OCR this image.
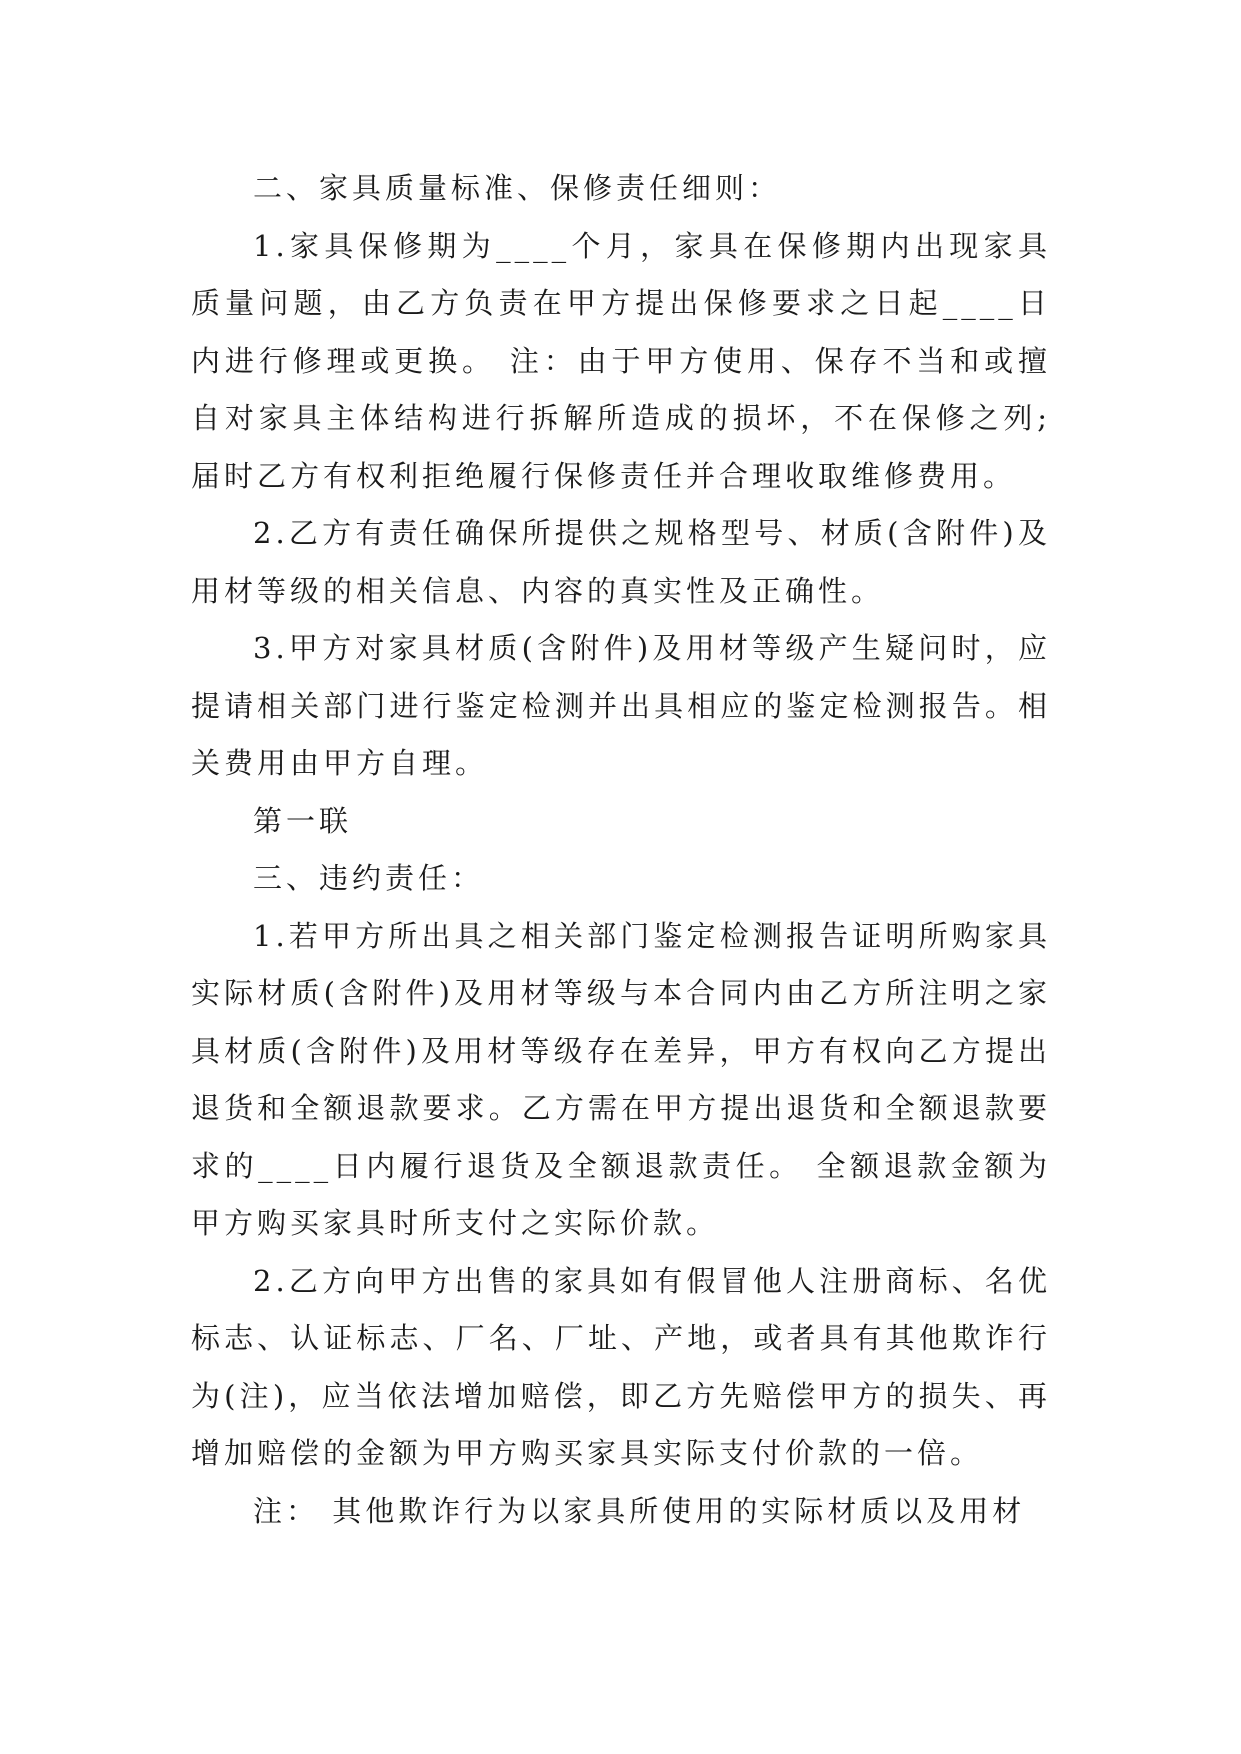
二、家具质量标准、保修责任细则：

1.家具保修期为____个月，家具在保修期内出现家具质量问题，由乙方负责在甲方提出保修要求之日起____日内进行修理或更换。 注：由于甲方使用、保存不当和或擅自对家具主体结构进行拆解所造成的损坏，不在保修之列;届时乙方有权利拒绝履行保修责任并合理收取维修费用。

2.乙方有责任确保所提供之规格型号、材质(含附件)及用材等级的相关信息、内容的真实性及正确性。

3.甲方对家具材质(含附件)及用材等级产生疑问时，应提请相关部门进行鉴定检测并出具相应的鉴定检测报告。相关费用由甲方自理。

第一联

三、违约责任：

1.若甲方所出具之相关部门鉴定检测报告证明所购家具实际材质(含附件)及用材等级与本合同内由乙方所注明之家具材质(含附件)及用材等级存在差异，甲方有权向乙方提出退货和全额退款要求。乙方需在甲方提出退货和全额退款要求的____日内履行退货及全额退款责任。 全额退款金额为甲方购买家具时所支付之实际价款。

2.乙方向甲方出售的家具如有假冒他人注册商标、名优标志、认证标志、厂名、厂址、产地，或者具有其他欺诈行为(注)，应当依法增加赔偿，即乙方先赔偿甲方的损失、再增加赔偿的金额为甲方购买家具实际支付价款的一倍。

注： 其他欺诈行为以家具所使用的实际材质以及用材
